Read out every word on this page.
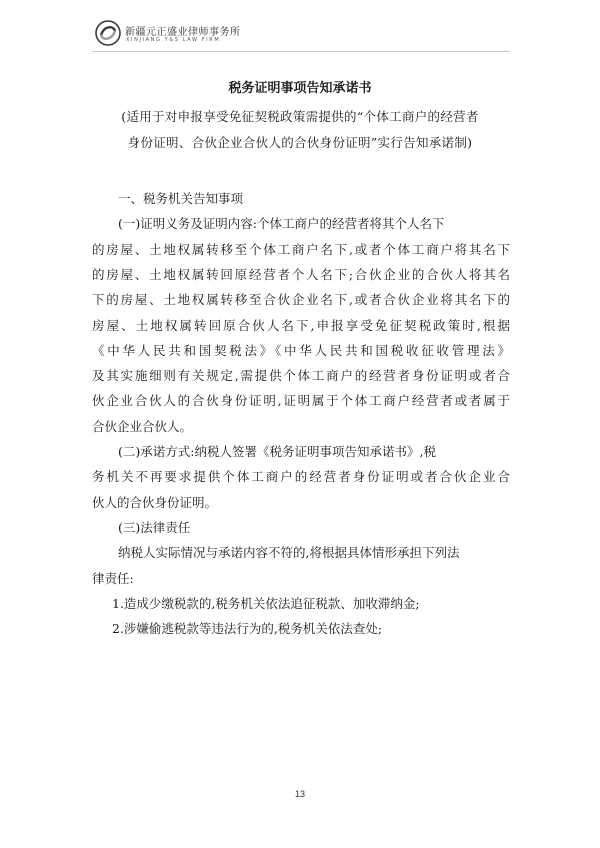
新疆元正盛业律师事务所
XINJIANG Y&S LAW FIRM
税务证明事项告知承诺书
(适用于对申报享受免征契税政策需提供的“个体工商户的经营者
身份证明、合伙企业合伙人的合伙身份证明”实行告知承诺制)
一、税务机关告知事项
(一)证明义务及证明内容:个体工商户的经营者将其个人名下
的房屋、土地权属转移至个体工商户名下,或者个体工商户将其名下
的房屋、土地权属转回原经营者个人名下;合伙企业的合伙人将其名
下的房屋、土地权属转移至合伙企业名下,或者合伙企业将其名下的
房屋、土地权属转回原合伙人名下,申报享受免征契税政策时,根据
《中华人民共和国契税法》《中华人民共和国税收征收管理法》
及其实施细则有关规定,需提供个体工商户的经营者身份证明或者合
伙企业合伙人的合伙身份证明,证明属于个体工商户经营者或者属于
合伙企业合伙人。
(二)承诺方式:纳税人签署《税务证明事项告知承诺书》,税
务机关不再要求提供个体工商户的经营者身份证明或者合伙企业合
伙人的合伙身份证明。
(三)法律责任
纳税人实际情况与承诺内容不符的,将根据具体情形承担下列法
律责任:
1.造成少缴税款的,税务机关依法追征税款、加收滞纳金;
2.涉嫌偷逃税款等违法行为的,税务机关依法查处;
13
